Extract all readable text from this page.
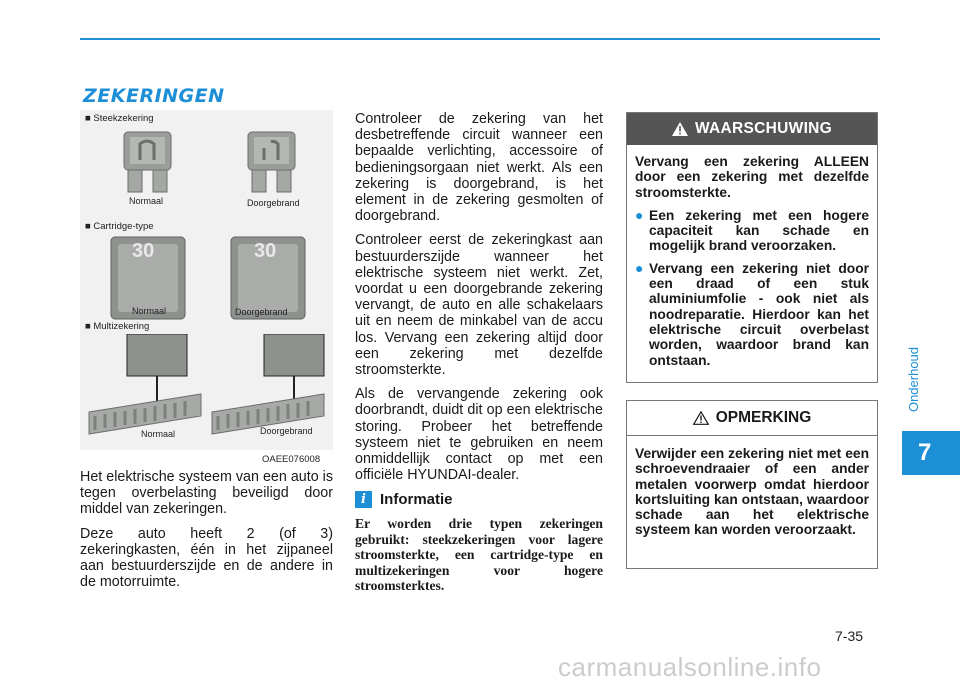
ZEKERINGEN
Onderhoud
7
■ Steekzekering
Normaal	Doorgebrand
■ Cartridge-type
30	30
Normaal	Doorgebrand
■ Multizekering
Normaal	Doorgebrand
OAEE076008

Het elektrische systeem van een auto is tegen overbelasting beveiligd door middel van zekeringen.

Deze auto heeft 2 (of 3) zekeringkasten, één in het zijpaneel aan bestuurderszijde en de andere in de motorruimte.

Controleer de zekering van het desbetreffende circuit wanneer een bepaalde verlichting, accessoire of bedieningsorgaan niet werkt. Als een zekering is doorgebrand, is het element in de zekering gesmolten of doorgebrand.

Controleer eerst de zekeringkast aan bestuurderszijde wanneer het elektrische systeem niet werkt. Zet, voordat u een doorgebrande zekering vervangt, de auto en alle schakelaars uit en neem de minkabel van de accu los. Vervang een zekering altijd door een zekering met dezelfde stroomsterkte.

Als de vervangende zekering ook doorbrandt, duidt dit op een elektrische storing. Probeer het betreffende systeem niet te gebruiken en neem onmiddellijk contact op met een officiële HYUNDAI-dealer.

i Informatie
Er worden drie typen zekeringen gebruikt: steekzekeringen voor lagere stroomsterkte, een cartridge-type en multizekeringen voor hogere stroomsterktes.
WAARSCHUWING

Vervang een zekering ALLEEN door een zekering met dezelfde stroomsterkte.

● Een zekering met een hogere capaciteit kan schade en mogelijk brand veroorzaken.
● Vervang een zekering niet door een draad of een stuk aluminiumfolie - ook niet als noodreparatie. Hierdoor kan het elektrische circuit overbelast worden, waardoor brand kan ontstaan.
OPMERKING
Verwijder een zekering niet met een schroevendraaier of een ander metalen voorwerp omdat hierdoor kortsluiting kan ontstaan, waardoor schade aan het elektrische systeem kan worden veroorzaakt.
7-35
carmanualsonline.info
